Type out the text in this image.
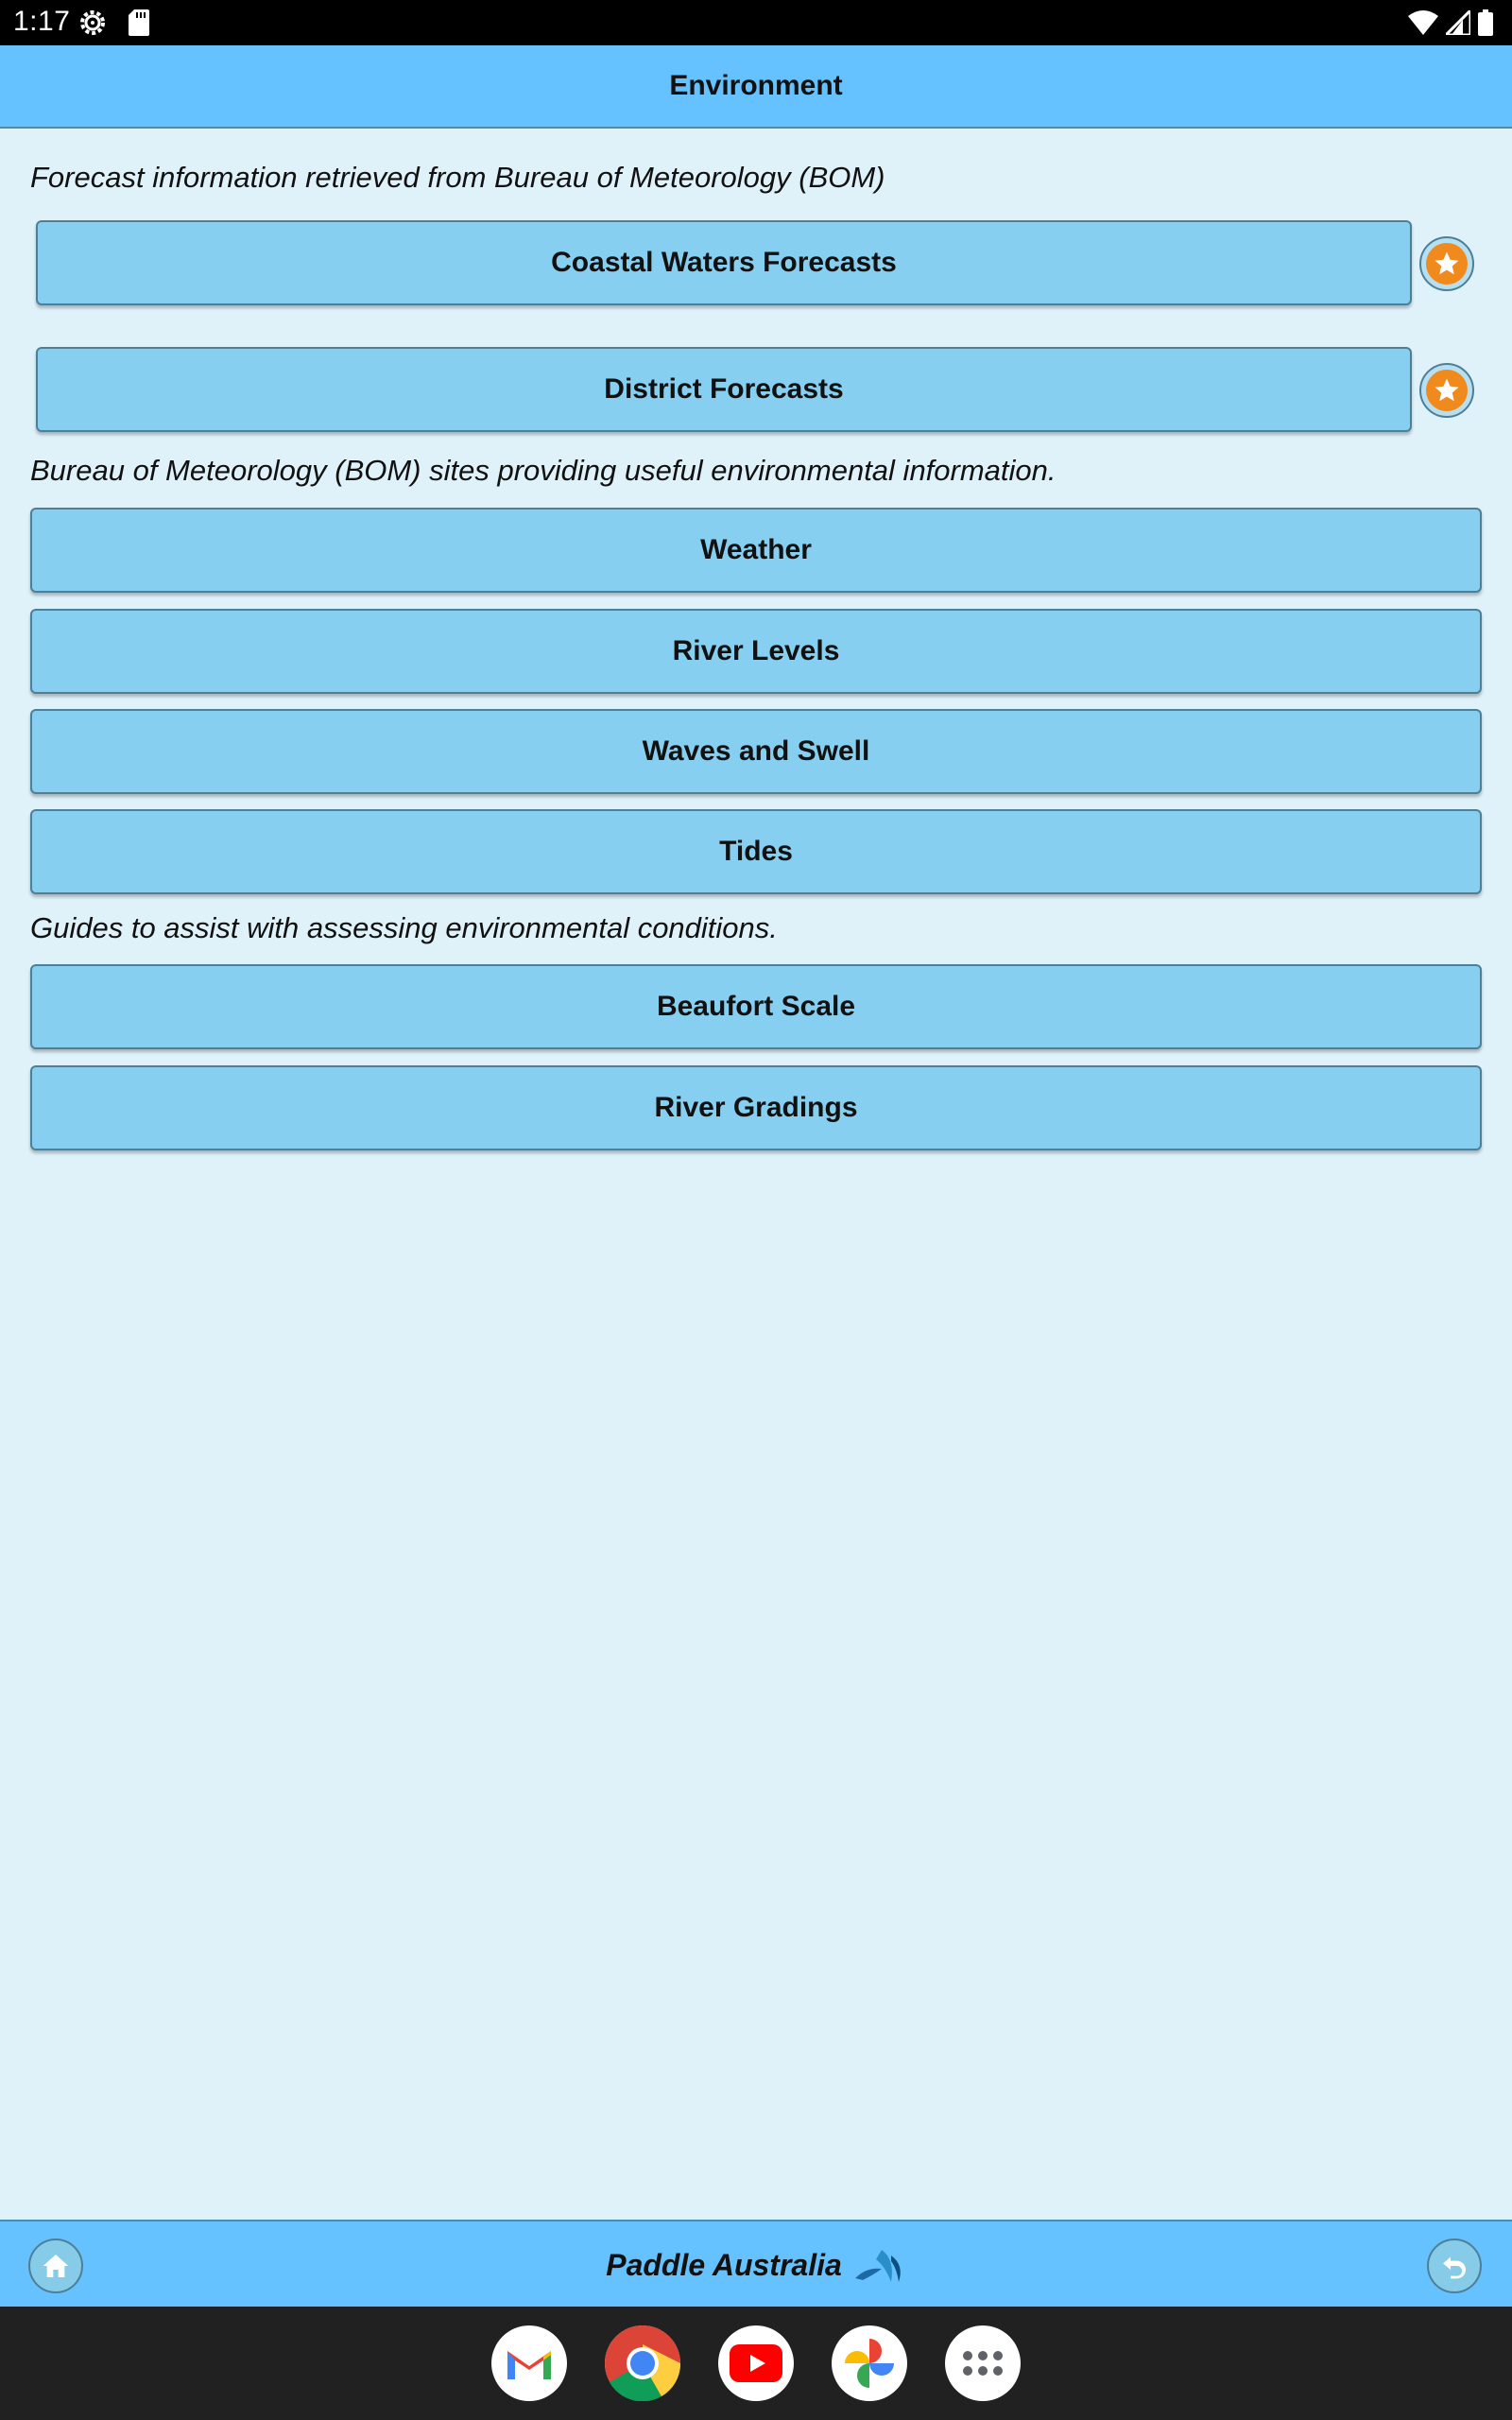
1:17
Environment
Forecast information retrieved from Bureau of Meteorology (BOM)
Coastal Waters Forecasts
District Forecasts
Bureau of Meteorology (BOM) sites providing useful environmental information.
Weather
River Levels
Waves and Swell
Tides
Guides to assist with assessing environmental conditions.
Beaufort Scale
River Gradings
Paddle Australia
